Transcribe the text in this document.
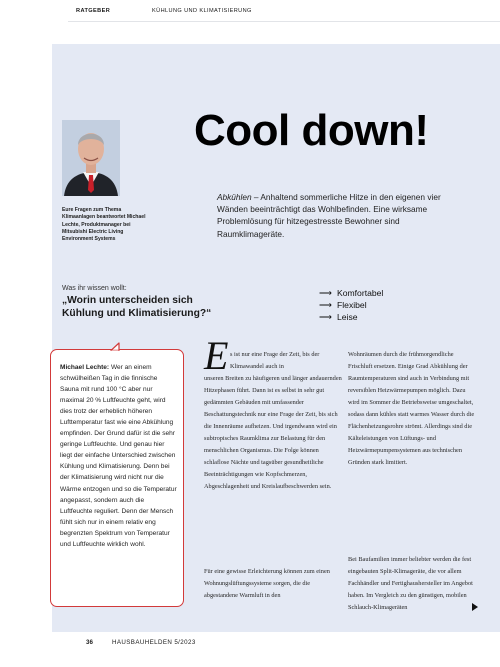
RATGEBER	KÜHLUNG UND KLIMATISIERUNG
Eure Fragen zum Thema Klimaanlagen beantwortet Michael Lechte, Produktmanager bei Mitsubishi Electric Living Environment Systems
Cool down!
Abkühlen – Anhaltend sommerliche Hitze in den eigenen vier Wänden beeinträchtigt das Wohlbefinden. Eine wirksame Problemlösung für hitzegestresste Bewohner sind Raumklimageräte.
Was ihr wissen wollt:
„Worin unterscheiden sich Kühlung und Klimatisierung?“
⟶ Komfortabel
⟶ Flexibel
⟶ Leise
Michael Lechte: Wer an einem schwülheißen Tag in die finnische Sauna mit rund 100 °C aber nur maximal 20 % Luftfeuchte geht, wird dies trotz der erheblich höheren Lufttemperatur fast wie eine Abkühlung empfinden. Der Grund dafür ist die sehr geringe Luftfeuchte. Und genau hier liegt der einfache Unterschied zwischen Kühlung und Klimatisierung. Denn bei der Klimatisierung wird nicht nur die Wärme entzogen und so die Temperatur angepasst, sondern auch die Luftfeuchte reguliert. Denn der Mensch fühlt sich nur in einem relativ eng begrenzten Spektrum von Temperatur und Luftfeuchte wirklich wohl.
E s ist nur eine Frage der Zeit, bis der Klimawandel auch in
unseren Breiten zu häufigeren und länger andauernden Hitzephasen führt. Dann ist es selbst in sehr gut gedämmten Gebäuden mit umfassender Beschattungstechnik nur eine Frage der Zeit, bis sich die Innenräume aufheizen. Und irgendwann wird ein subtropisches Raumklima zur Belastung für den menschlichen Organismus. Die Folge können schlaflose Nächte und tagsüber gesundheitliche Beeinträchtigungen wie Kopfschmerzen, Abgeschlagenheit und Kreislaufbeschwerden sein.
Für eine gewisse Erleichterung können zum einen Wohnungslüftungssysteme sorgen, die die abgestandene Warmluft in den
Wohnräumen durch die frühmorgendliche Frischluft ersetzen. Einige Grad Abkühlung der Raumtemperaturen sind auch in Verbindung mit reversiblen Heizwärmepumpen möglich. Dazu wird im Sommer die Betriebsweise umgeschaltet, sodass dann kühles statt warmes Wasser durch die Flächenheizungsrohre strömt. Allerdings sind die Kälteleistungen von Lüftungs- und Heizwärmepumpensystemen aus technischen Gründen stark limitiert.
Bei Baufamilien immer beliebter werden die fest eingebauten Split-Klimageräte, die vor allem Fachhändler und Fertighaushersteller im Angebot haben. Im Vergleich zu den günstigen, mobilen Schlauch-Klimageräten
36	HAUSBAUHELDEN 5/2023
